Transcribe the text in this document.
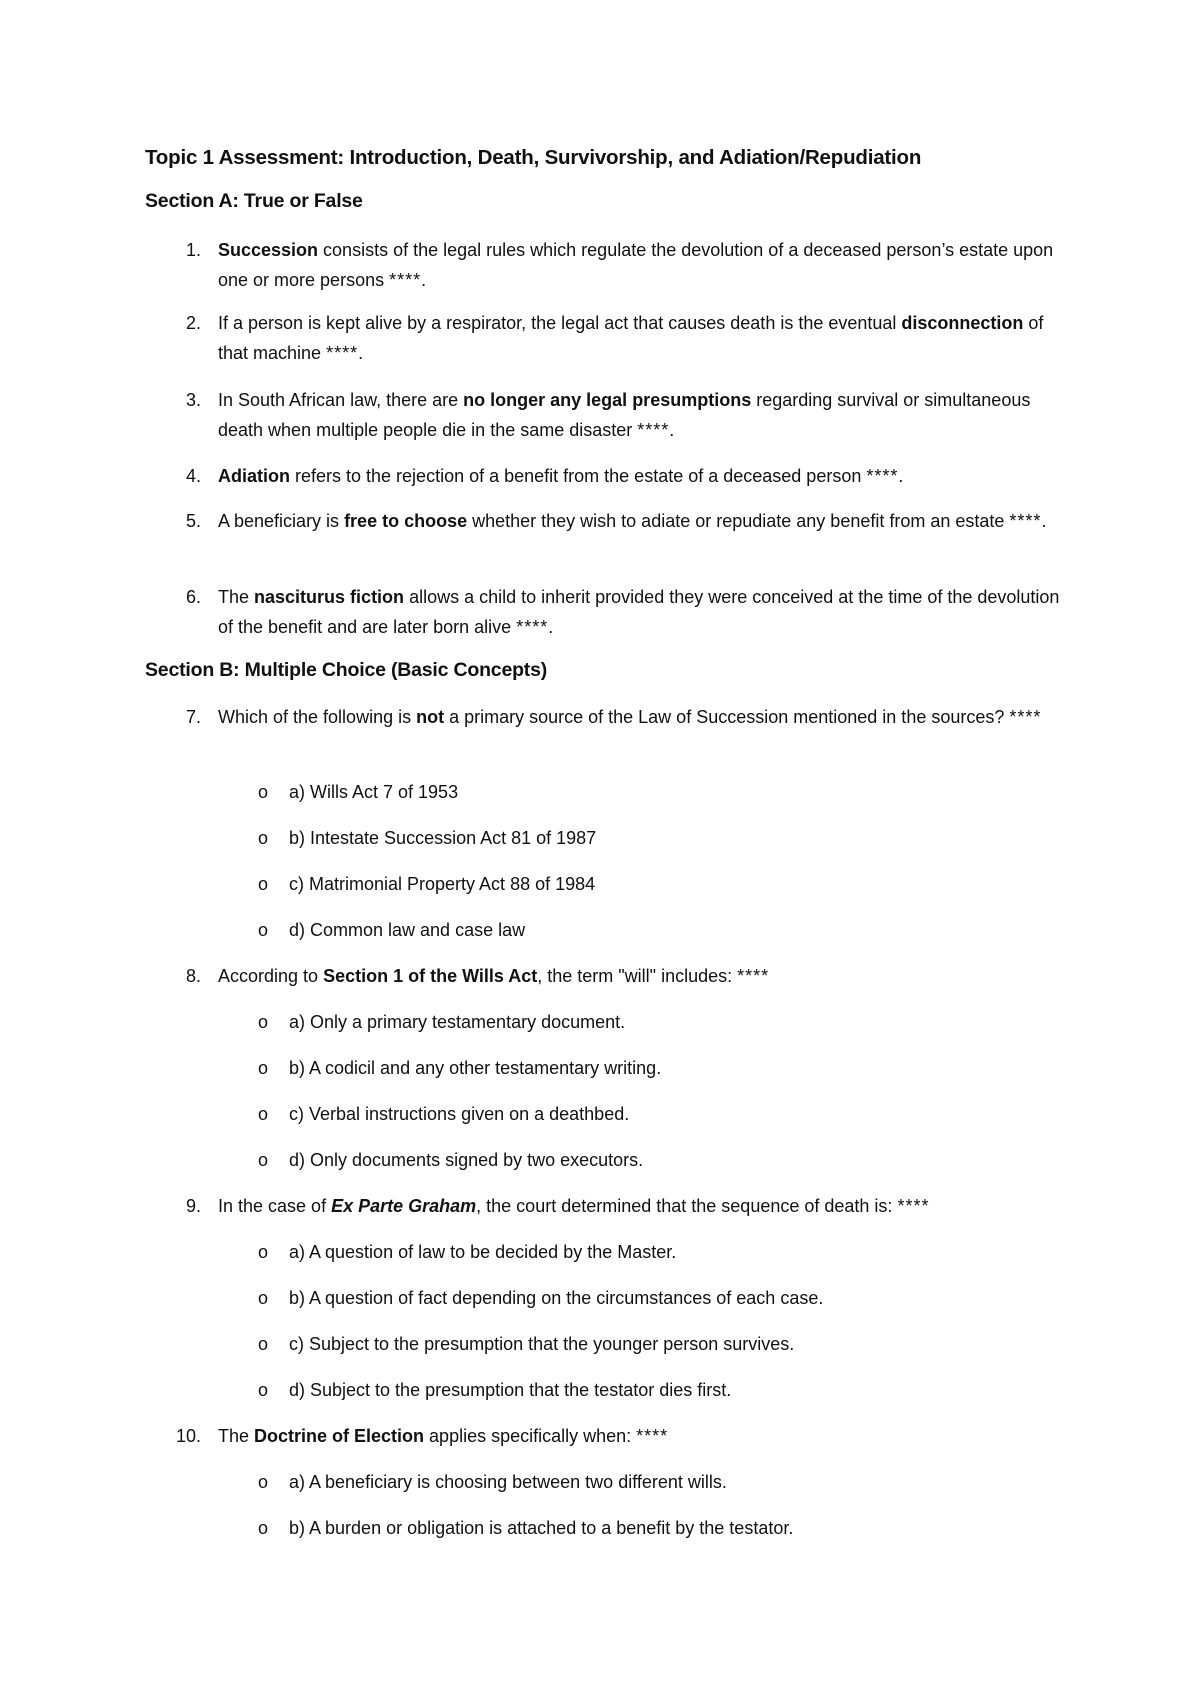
Topic 1 Assessment: Introduction, Death, Survivorship, and Adiation/Repudiation
Section A: True or False
1. Succession consists of the legal rules which regulate the devolution of a deceased person’s estate upon one or more persons ****.
2. If a person is kept alive by a respirator, the legal act that causes death is the eventual disconnection of that machine ****.
3. In South African law, there are no longer any legal presumptions regarding survival or simultaneous death when multiple people die in the same disaster ****.
4. Adiation refers to the rejection of a benefit from the estate of a deceased person ****.
5. A beneficiary is free to choose whether they wish to adiate or repudiate any benefit from an estate ****.
6. The nasciturus fiction allows a child to inherit provided they were conceived at the time of the devolution of the benefit and are later born alive ****.
Section B: Multiple Choice (Basic Concepts)
7. Which of the following is not a primary source of the Law of Succession mentioned in the sources? ****
o a) Wills Act 7 of 1953
o b) Intestate Succession Act 81 of 1987
o c) Matrimonial Property Act 88 of 1984
o d) Common law and case law
8. According to Section 1 of the Wills Act, the term "will" includes: ****
o a) Only a primary testamentary document.
o b) A codicil and any other testamentary writing.
o c) Verbal instructions given on a deathbed.
o d) Only documents signed by two executors.
9. In the case of Ex Parte Graham, the court determined that the sequence of death is: ****
o a) A question of law to be decided by the Master.
o b) A question of fact depending on the circumstances of each case.
o c) Subject to the presumption that the younger person survives.
o d) Subject to the presumption that the testator dies first.
10. The Doctrine of Election applies specifically when: ****
o a) A beneficiary is choosing between two different wills.
o b) A burden or obligation is attached to a benefit by the testator.
